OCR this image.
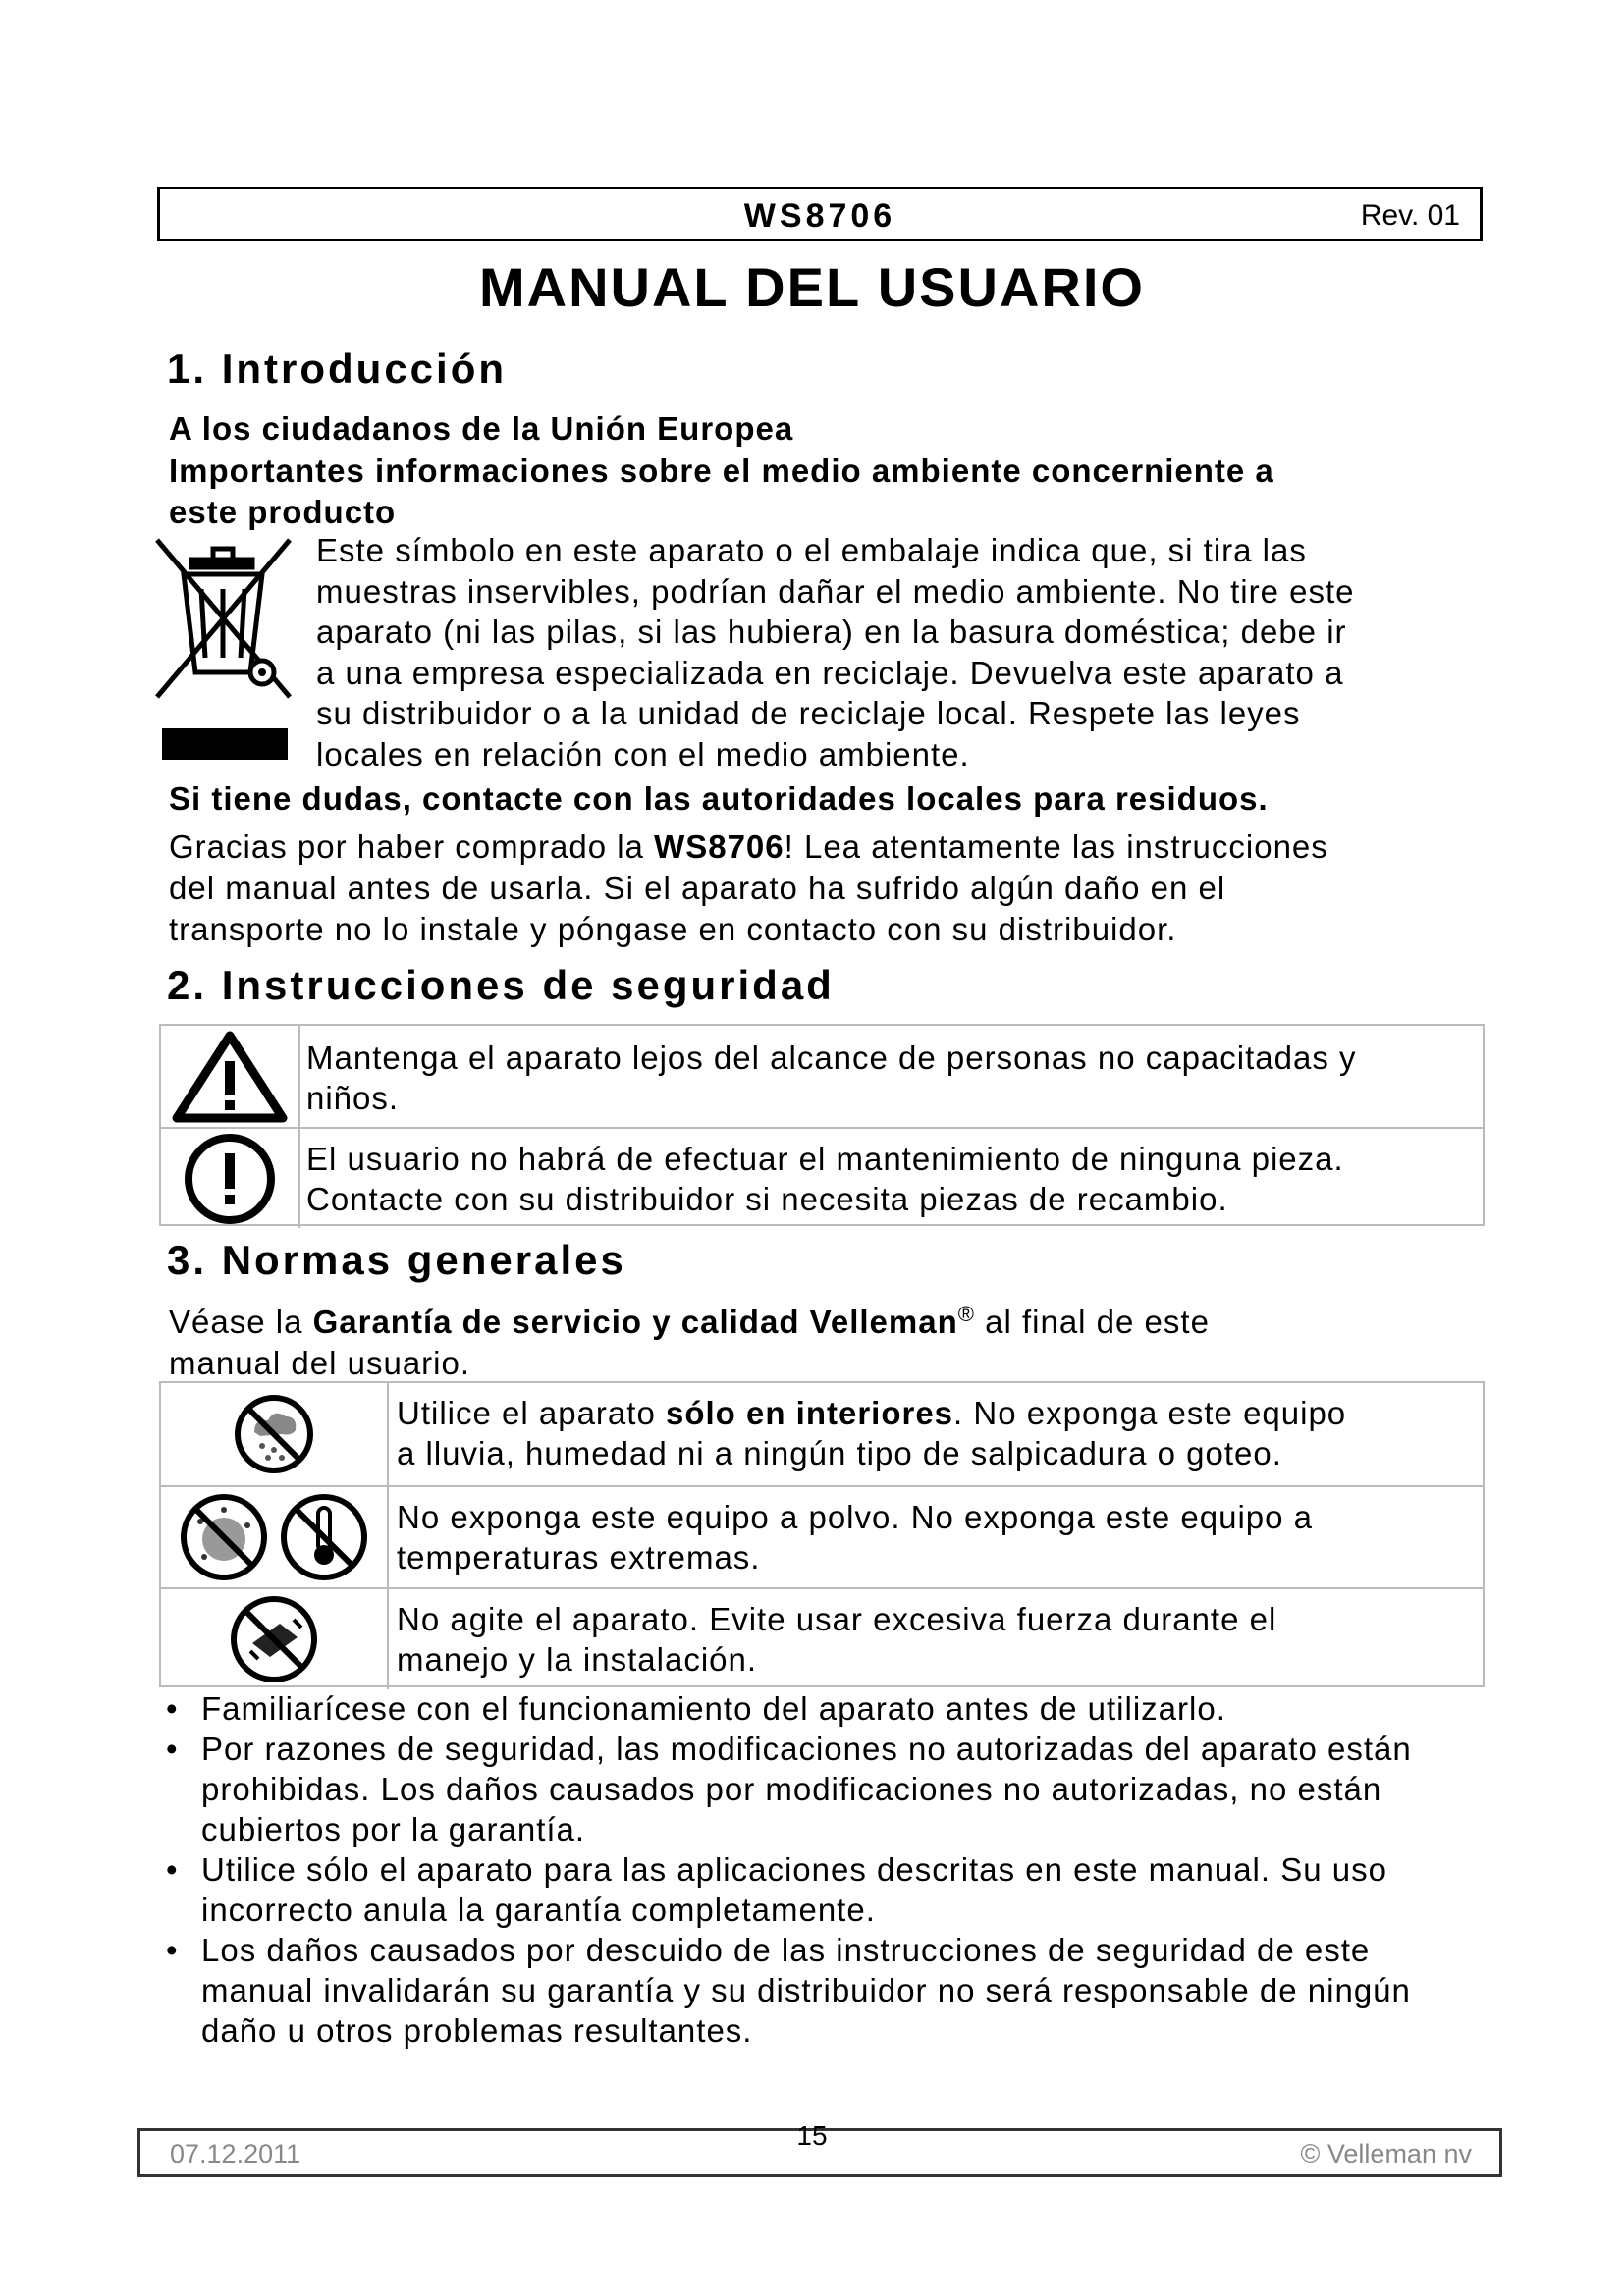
WS8706	Rev. 01
MANUAL DEL USUARIO
1. Introducción
A los ciudadanos de la Unión Europea
Importantes informaciones sobre el medio ambiente concerniente a
este producto

Este símbolo en este aparato o el embalaje indica que, si tira las

muestras inservibles, podrían dañar el medio ambiente. No tire este

aparato (ni las pilas, si las hubiera) en la basura doméstica; debe ir

a una empresa especializada en reciclaje. Devuelva este aparato a

su distribuidor o a la unidad de reciclaje local. Respete las leyes

locales en relación con el medio ambiente.

Si tiene dudas, contacte con las autoridades locales para residuos.

Gracias por haber comprado la WS8706! Lea atentamente las instrucciones

del manual antes de usarla. Si el aparato ha sufrido algún daño en el

transporte no lo instale y póngase en contacto con su distribuidor.

2. Instrucciones de seguridad
Mantenga el aparato lejos del alcance de personas no capacitadas y
niños.
El usuario no habrá de efectuar el mantenimiento de ninguna pieza.
Contacte con su distribuidor si necesita piezas de recambio.
3. Normas generales

Véase la Garantía de servicio y calidad Velleman® al final de este

manual del usuario.

Utilice el aparato sólo en interiores. No exponga este equipo
a lluvia, humedad ni a ningún tipo de salpicadura o goteo.
No exponga este equipo a polvo. No exponga este equipo a
temperaturas extremas.
No agite el aparato. Evite usar excesiva fuerza durante el
manejo y la instalación.
• Familiarícese con el funcionamiento del aparato antes de utilizarlo.
• Por razones de seguridad, las modificaciones no autorizadas del aparato están prohibidas. Los daños causados por modificaciones no autorizadas, no están cubiertos por la garantía.
• Utilice sólo el aparato para las aplicaciones descritas en este manual. Su uso incorrecto anula la garantía completamente.
• Los daños causados por descuido de las instrucciones de seguridad de este manual invalidarán su garantía y su distribuidor no será responsable de ningún daño u otros problemas resultantes.
07.12.2011	© Velleman nv
15
